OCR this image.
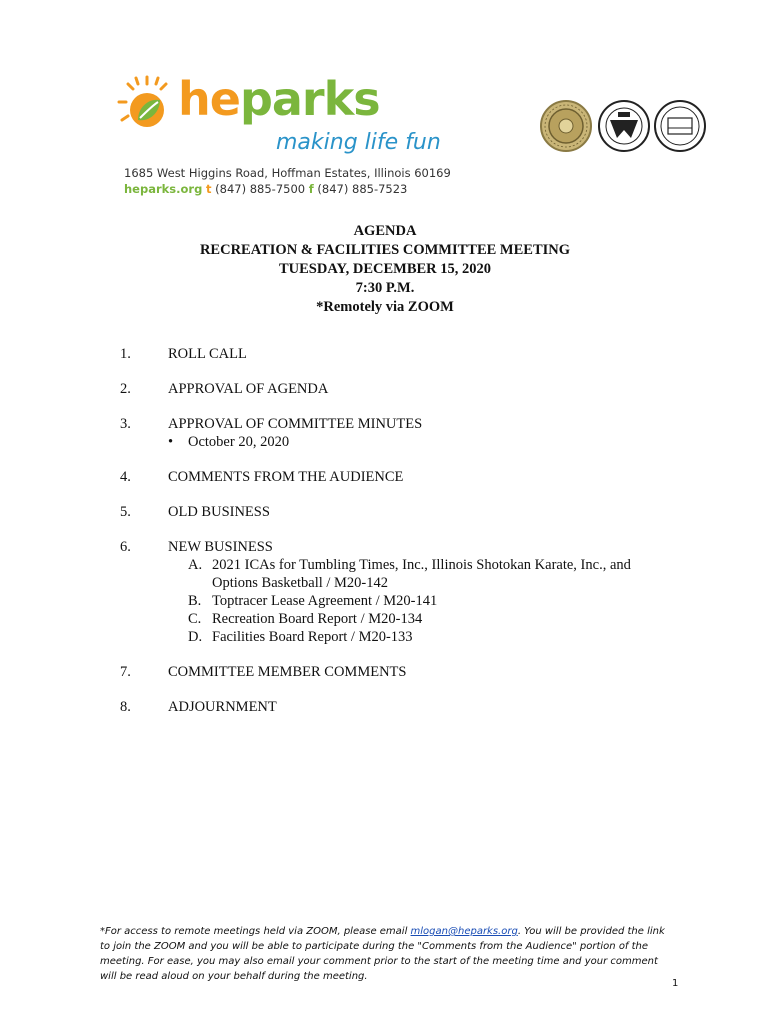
heparks
making life fun
1685 West Higgins Road, Hoffman Estates, Illinois 60169
heparks.org t (847) 885-7500 f (847) 885-7523
AGENDA
RECREATION & FACILITIES COMMITTEE MEETING
TUESDAY, DECEMBER 15, 2020
7:30 P.M.
*Remotely via ZOOM
1.	ROLL CALL
2.	APPROVAL OF AGENDA
3.	APPROVAL OF COMMITTEE MINUTES
• October 20, 2020
4.	COMMENTS FROM THE AUDIENCE
5.	OLD BUSINESS
6.	NEW BUSINESS
A. 2021 ICAs for Tumbling Times, Inc., Illinois Shotokan Karate, Inc., and
Options Basketball / M20-142
B. Toptracer Lease Agreement / M20-141
C. Recreation Board Report / M20-134
D. Facilities Board Report / M20-133
7.	COMMITTEE MEMBER COMMENTS
8.	ADJOURNMENT
*For access to remote meetings held via ZOOM, please email mlogan@heparks.org. You will be provided the link to join the ZOOM and you will be able to participate during the "Comments from the Audience" portion of the meeting. For ease, you may also email your comment prior to the start of the meeting time and your comment will be read aloud on your behalf during the meeting.
1
